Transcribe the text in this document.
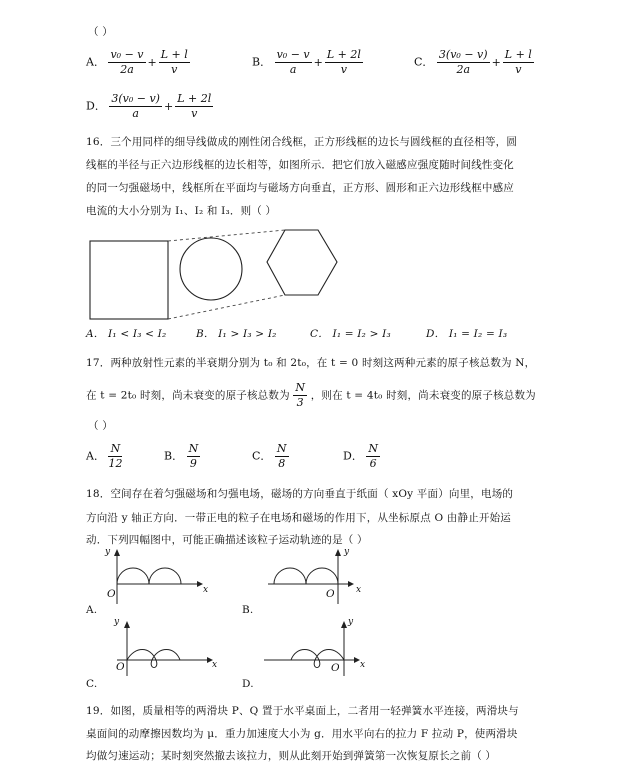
（ ）
A． $\frac{\text{v₀ − v}}{2a} + \frac{L + l}{v}$	B． $\frac{\text{v₀ − v}}{a} + \frac{L + 2l}{v}$	C． $\frac{\text{3(v₀ − v)}}{2a} + \frac{L + l}{v}$
D． $\frac{\text{3(v₀ − v)}}{a} + \frac{L + 2l}{v}$
16．三个用同样的细导线做成的刚性闭合线框，正方形线框的边长与圆线框的直径相等，圆
线框的半径与正六边形线框的边长相等，如图所示．把它们放入磁感应强度随时间线性变化
的同一匀强磁场中，线框所在平面均与磁场方向垂直，正方形、圆形和正六边形线框中感应
电流的大小分别为 I₁、I₂ 和 I₃．则（ ）
A． I₁ < I₃ < I₂	B． I₁ > I₃ > I₂	C． I₁ = I₂ > I₃	D． I₁ = I₂ = I₃
17．两种放射性元素的半衰期分别为 t₀ 和 2t₀，在 t = 0 时刻这两种元素的原子核总数为 N，
在 t = 2t₀ 时刻，尚未衰变的原子核总数为 $\frac{N}{3}$ ，则在 t = 4t₀ 时刻，尚未衰变的原子核总数为
（ ）
A． $\frac{N}{12}$	B． $\frac{N}{9}$	C． $\frac{N}{8}$	D． $\frac{N}{6}$
18．空间存在着匀强磁场和匀强电场，磁场的方向垂直于纸面（ xOy 平面）向里，电场的
方向沿 y 轴正方向．一带正电的粒子在电场和磁场的作用下，从坐标原点 O 由静止开始运
动．下列四幅图中，可能正确描述该粒子运动轨迹的是（ ）
y
x
O
A.
y
x
O
B.
y
x
O
C.
y
x
O
D.
19．如图，质量相等的两滑块 P、Q 置于水平桌面上，二者用一轻弹簧水平连接，两滑块与
桌面间的动摩擦因数均为 μ．重力加速度大小为 g．用水平向右的拉力 F 拉动 P，使两滑块
均做匀速运动；某时刻突然撤去该拉力，则从此刻开始到弹簧第一次恢复原长之前（ ）
